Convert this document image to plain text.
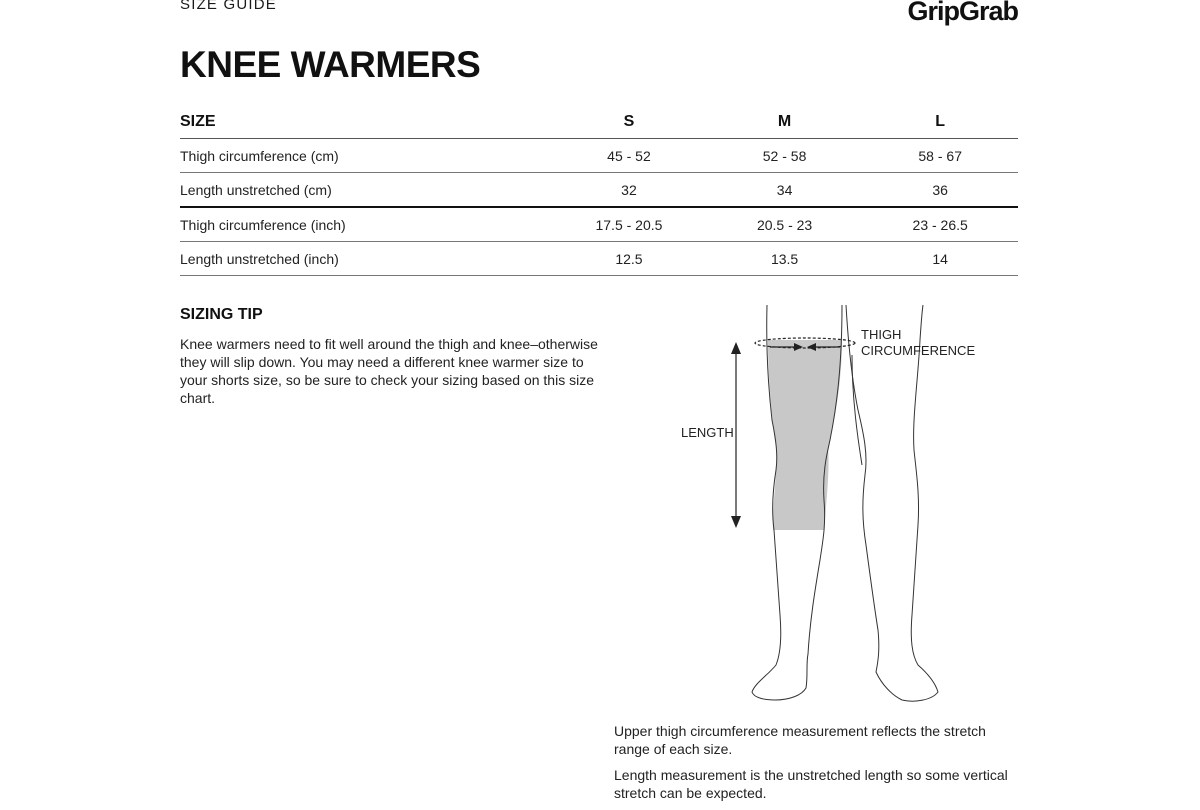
SIZE GUIDE	GripGrab
KNEE WARMERS
SIZE	S	M	L
Thigh circumference (cm)	45 - 52	52 - 58	58 - 67
Length unstretched (cm)	32	34	36
Thigh circumference (inch)	17.5 - 20.5	20.5 - 23	23 - 26.5
Length unstretched (inch)	12.5	13.5	14
SIZING TIP

Knee warmers need to fit well around the thigh and knee–otherwise they will slip down. You may need a different knee warmer size to your shorts size, so be sure to check your sizing based on this size chart.

THIGH
CIRCUMFERENCE
LENGTH

Upper thigh circumference measurement reflects the stretch range of each size.

Length measurement is the unstretched length so some vertical stretch can be expected.
